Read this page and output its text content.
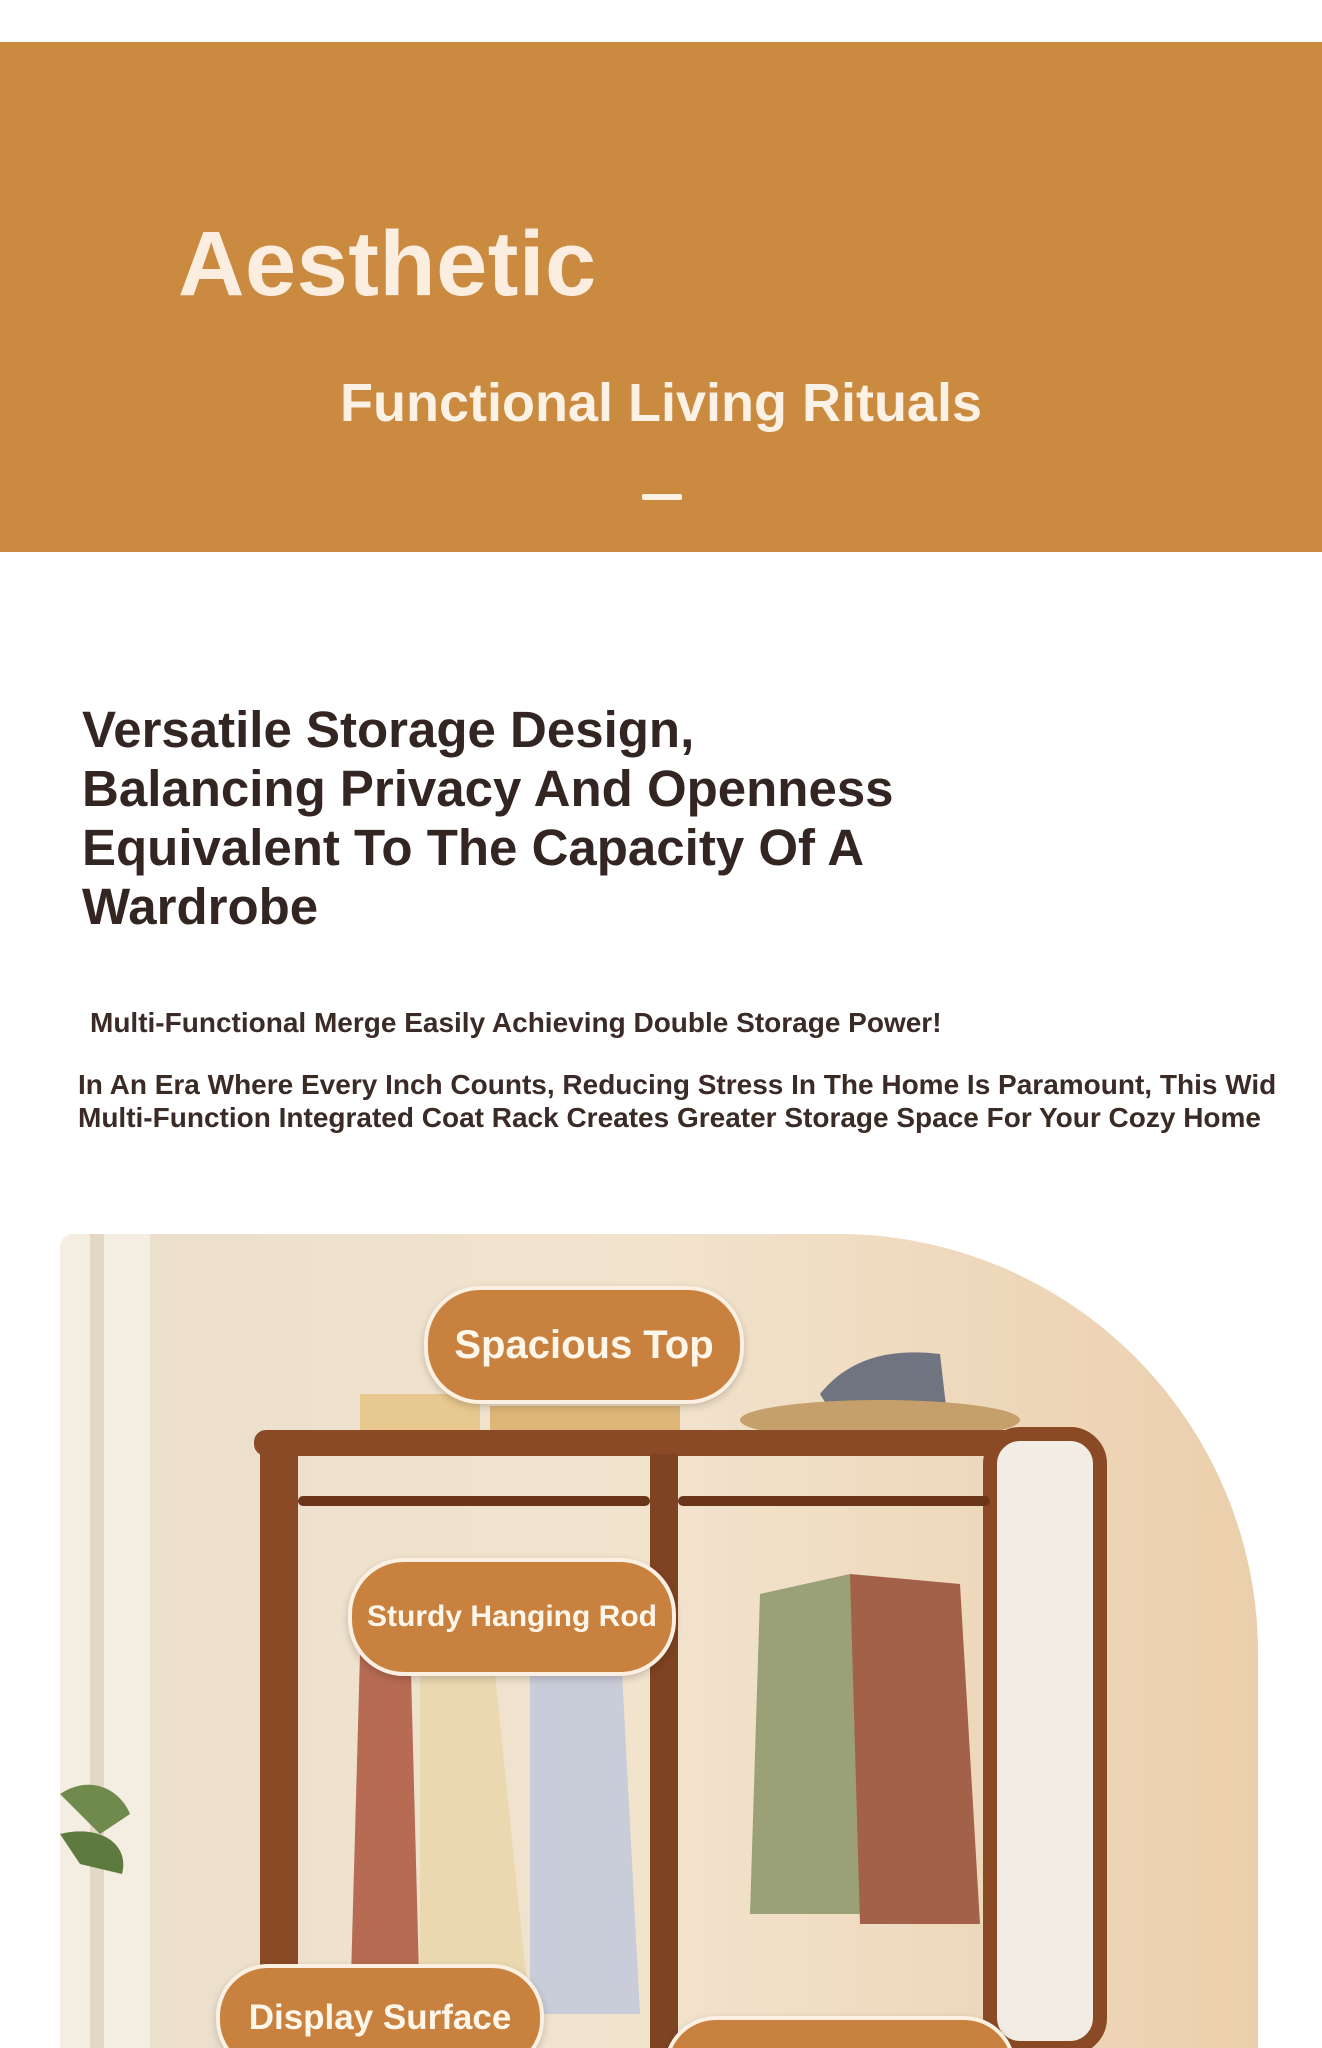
Aesthetic
Functional Living Rituals
Versatile Storage Design,
Balancing Privacy And Openness
Equivalent To The Capacity Of A
Wardrobe
Multi-Functional Merge Easily Achieving Double Storage Power!
In An Era Where Every Inch Counts, Reducing Stress In The Home Is Paramount, This Wid
Multi-Function Integrated Coat Rack Creates Greater Storage Space For Your Cozy Home
Spacious Top
Sturdy Hanging Rod
Display Surface
